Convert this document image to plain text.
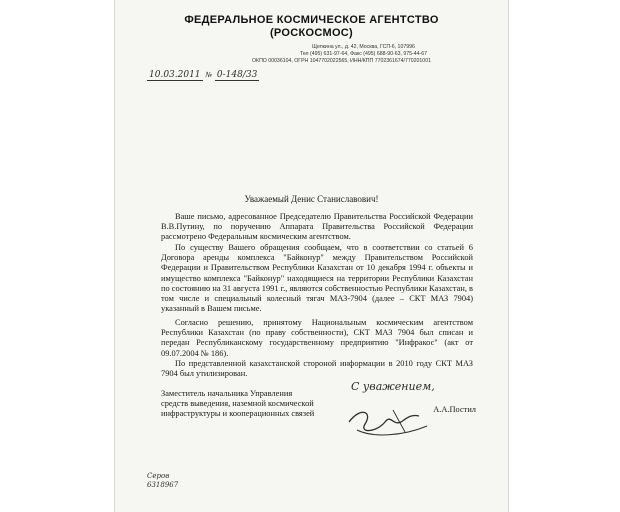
ФЕДЕРАЛЬНОЕ КОСМИЧЕСКОЕ АГЕНТСТВО
(РОСКОСМОС)
Щепкина ул., д. 42, Москва, ГСП-6, 107996
Тел (495) 631-97-64, Факс (495) 688-90-63, 975-44-67
ОКПО 00036104, ОГРН 1047702022565, ИНН/КПП 7702361674/770201001
10.03.2011 № 0-148/33
Уважаемый Денис Станиславович!

Ваше письмо, адресованное Председателю Правительства Российской Федерации В.В.Путину, по поручению Аппарата Правительства Российской Федерации рассмотрено Федеральным космическим агентством.

По существу Вашего обращения сообщаем, что в соответствии со статьей 6 Договора аренды комплекса "Байконур" между Правительством Российской Федерации и Правительством Республики Казахстан от 10 декабря 1994 г. объекты и имущество комплекса "Байконур" находящиеся на территории Республики Казахстан по состоянию на 31 августа 1991 г., являются собственностью Республики Казахстан, в том числе и специальный колесный тягач МАЗ-7904 (далее – СКТ МАЗ 7904) указанный в Вашем письме.

Согласно решению, принятому Национальным космическим агентством Республики Казахстан (по праву собственности), СКТ МАЗ 7904 был списан и передан Республиканскому государственному предприятию "Инфракос" (акт от 09.07.2004 № 186).

По представленной казахстанской стороной информации в 2010 году СКТ МАЗ 7904 был утилизирован.

Заместитель начальника Управления
средств выведения, наземной космической
инфраструктуры и кооперационных связей	А.А.Постил
С уважением,
Серов
6318967
